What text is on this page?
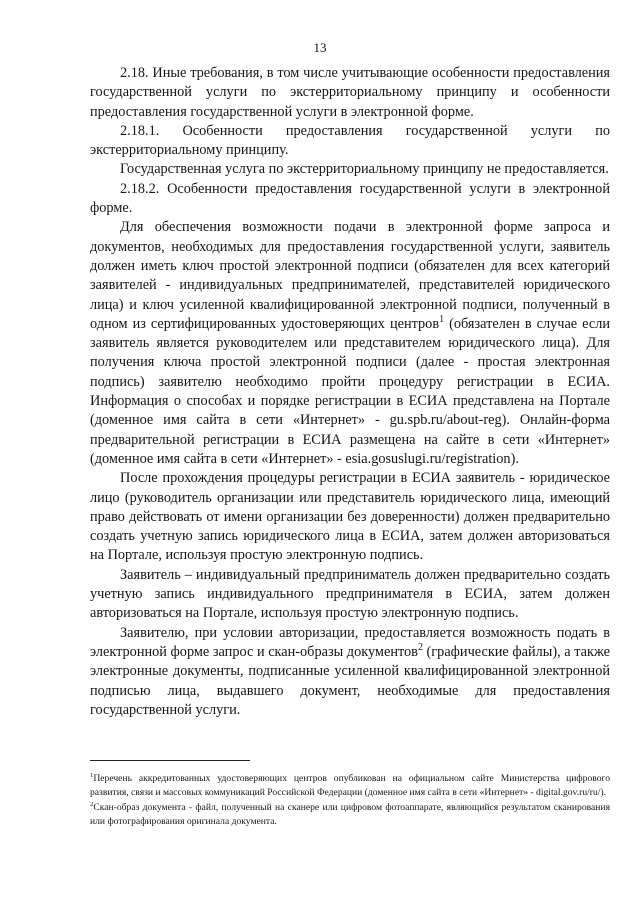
13

2.18. Иные требования, в том числе учитывающие особенности предоставления государственной услуги по экстерриториальному принципу и особенности предоставления государственной услуги в электронной форме.

2.18.1. Особенности предоставления государственной услуги по экстерриториальному принципу.

Государственная услуга по экстерриториальному принципу не предоставляется.

2.18.2. Особенности предоставления государственной услуги в электронной форме.

Для обеспечения возможности подачи в электронной форме запроса и документов, необходимых для предоставления государственной услуги, заявитель должен иметь ключ простой электронной подписи (обязателен для всех категорий заявителей - индивидуальных предпринимателей, представителей юридического лица) и ключ усиленной квалифицированной электронной подписи, полученный в одном из сертифицированных удостоверяющих центров$^1$ (обязателен в случае если заявитель является руководителем или представителем юридического лица). Для получения ключа простой электронной подписи (далее - простая электронная подпись) заявителю необходимо пройти процедуру регистрации в ЕСИА. Информация о способах и порядке регистрации в ЕСИА представлена на Портале (доменное имя сайта в сети «Интернет» - gu.spb.ru/about-reg). Онлайн-форма предварительной регистрации в ЕСИА размещена на сайте в сети «Интернет» (доменное имя сайта в сети «Интернет» - esia.gosuslugi.ru/registration).

После прохождения процедуры регистрации в ЕСИА заявитель - юридическое лицо (руководитель организации или представитель юридического лица, имеющий право действовать от имени организации без доверенности) должен предварительно создать учетную запись юридического лица в ЕСИА, затем должен авторизоваться на Портале, используя простую электронную подпись.

Заявитель – индивидуальный предприниматель должен предварительно создать учетную запись индивидуального предпринимателя в ЕСИА, затем должен авторизоваться на Портале, используя простую электронную подпись.

Заявителю, при условии авторизации, предоставляется возможность подать в электронной форме запрос и скан-образы документов$^2$ (графические файлы), а также электронные документы, подписанные усиленной квалифицированной электронной подписью лица, выдавшего документ, необходимые для предоставления государственной услуги.

$^1$Перечень аккредитованных удостоверяющих центров опубликован на официальном сайте Министерства цифрового развития, связи и массовых коммуникаций Российской Федерации (доменное имя сайта в сети «Интернет» - digital.gov.ru/ru/).

$^2$Скан-образ документа - файл, полученный на сканере или цифровом фотоаппарате, являющийся результатом сканирования или фотографирования оригинала документа.
